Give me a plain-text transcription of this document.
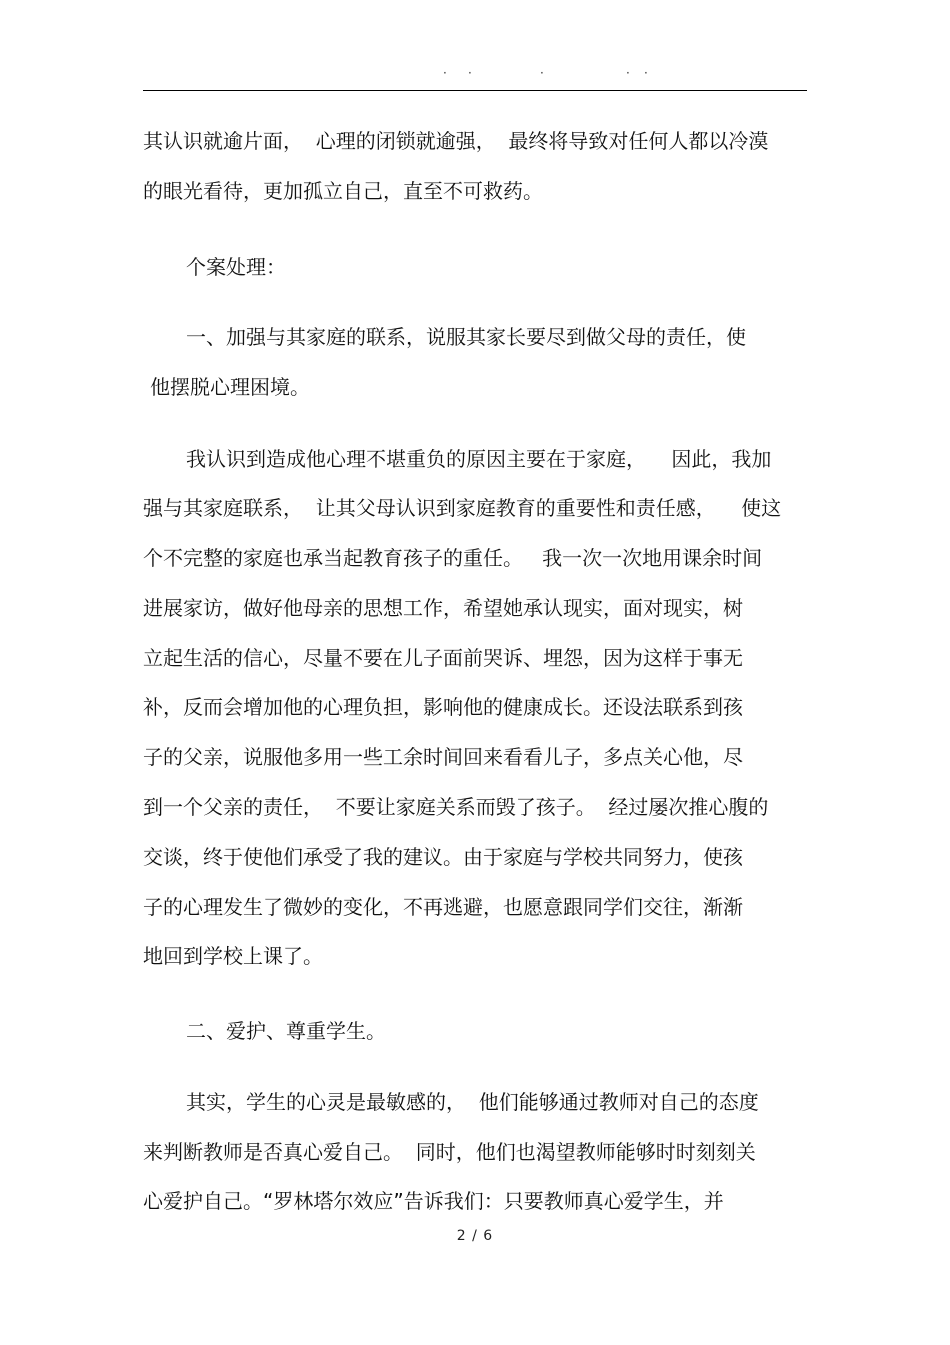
· ·	·	· ·
其认识就逾片面，  心理的闭锁就逾强，  最终将导致对任何人都以冷漠
的眼光看待，更加孤立自己，直至不可救药。
个案处理：
一、加强与其家庭的联系，说服其家长要尽到做父母的责任，使
他摆脱心理困境。
我认识到造成他心理不堪重负的原因主要在于家庭，    因此，我加
强与其家庭联系，  让其父母认识到家庭教育的重要性和责任感，    使这
个不完整的家庭也承当起教育孩子的重任。   我一次一次地用课余时间
进展家访，做好他母亲的思想工作，希望她承认现实，面对现实，树
立起生活的信心，尽量不要在儿子面前哭诉、埋怨，因为这样于事无
补，反而会增加他的心理负担，影响他的健康成长。还设法联系到孩
子的父亲，说服他多用一些工余时间回来看看儿子，多点关心他，尽
到一个父亲的责任，  不要让家庭关系而毁了孩子。  经过屡次推心腹的
交谈，终于使他们承受了我的建议。由于家庭与学校共同努力，使孩
子的心理发生了微妙的变化，不再逃避，也愿意跟同学们交往，渐渐
地回到学校上课了。
二、爱护、尊重学生。
其实，学生的心灵是最敏感的，  他们能够通过教师对自己的态度
来判断教师是否真心爱自己。  同时，他们也渴望教师能够时时刻刻关
心爱护自己。“罗林塔尔效应”告诉我们：只要教师真心爱学生，并
2 / 6
